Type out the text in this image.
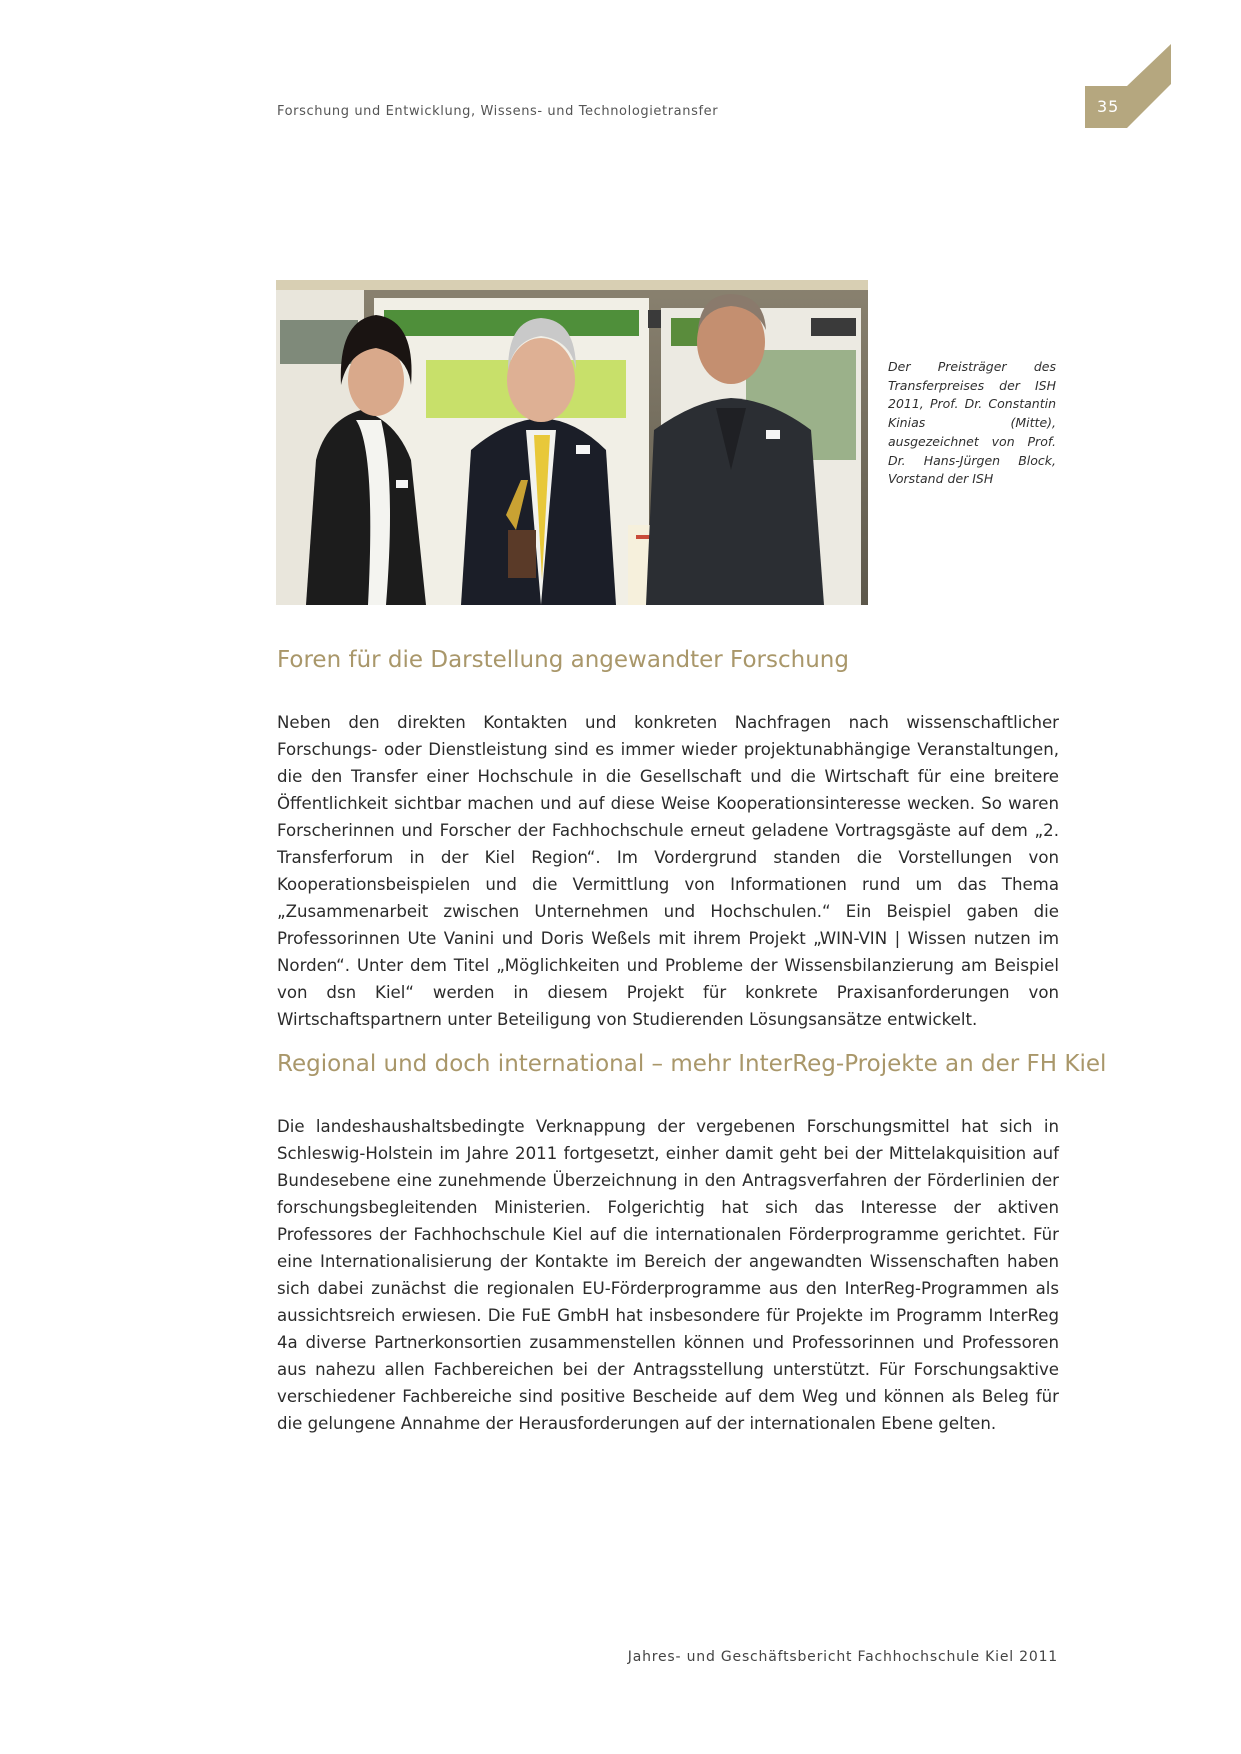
Forschung und Entwicklung, Wissens- und Technologietransfer	35
Der Preisträger des Transferpreises der ISH 2011, Prof. Dr. Constantin Kinias (Mitte), ausgezeichnet von Prof. Dr. Hans-Jürgen Block, Vorstand der ISH
Foren für die Darstellung angewandter Forschung

Neben den direkten Kontakten und konkreten Nachfragen nach wissenschaftlicher Forschungs- oder Dienstleistung sind es immer wieder projektunabhängige Veranstaltungen, die den Transfer einer Hochschule in die Gesellschaft und die Wirtschaft für eine breitere Öffentlichkeit sichtbar machen und auf diese Weise Kooperationsinteresse wecken. So waren Forscherinnen und Forscher der Fachhochschule erneut geladene Vortragsgäste auf dem „2. Transferforum in der Kiel Region“. Im Vordergrund standen die Vorstellungen von Kooperationsbeispielen und die Vermittlung von Informationen rund um das Thema „Zusammenarbeit zwischen Unternehmen und Hochschulen.“ Ein Beispiel gaben die Professorinnen Ute Vanini und Doris Weßels mit ihrem Projekt „WIN-VIN | Wissen nutzen im Norden“. Unter dem Titel „Möglichkeiten und Probleme der Wissensbilanzierung am Beispiel von dsn Kiel“ werden in diesem Projekt für konkrete Praxisanforderungen von Wirtschaftspartnern unter Beteiligung von Studierenden Lösungsansätze entwickelt.

Regional und doch international – mehr InterReg-Projekte an der FH Kiel

Die landeshaushaltsbedingte Verknappung der vergebenen Forschungsmittel hat sich in Schleswig-Holstein im Jahre 2011 fortgesetzt, einher damit geht bei der Mittelakquisition auf Bundesebene eine zunehmende Überzeichnung in den Antragsverfahren der Förderlinien der forschungsbegleitenden Ministerien. Folgerichtig hat sich das Interesse der aktiven Professores der Fachhochschule Kiel auf die internationalen Förderprogramme gerichtet. Für eine Internationalisierung der Kontakte im Bereich der angewandten Wissenschaften haben sich dabei zunächst die regionalen EU-Förderprogramme aus den InterReg-Programmen als aussichtsreich erwiesen. Die FuE GmbH hat insbesondere für Projekte im Programm InterReg 4a diverse Partnerkonsortien zusammenstellen können und Professorinnen und Professoren aus nahezu allen Fachbereichen bei der Antragsstellung unterstützt. Für Forschungsaktive verschiedener Fachbereiche sind positive Bescheide auf dem Weg und können als Beleg für die gelungene Annahme der Herausforderungen auf der internationalen Ebene gelten.

Jahres- und Geschäftsbericht Fachhochschule Kiel 2011
